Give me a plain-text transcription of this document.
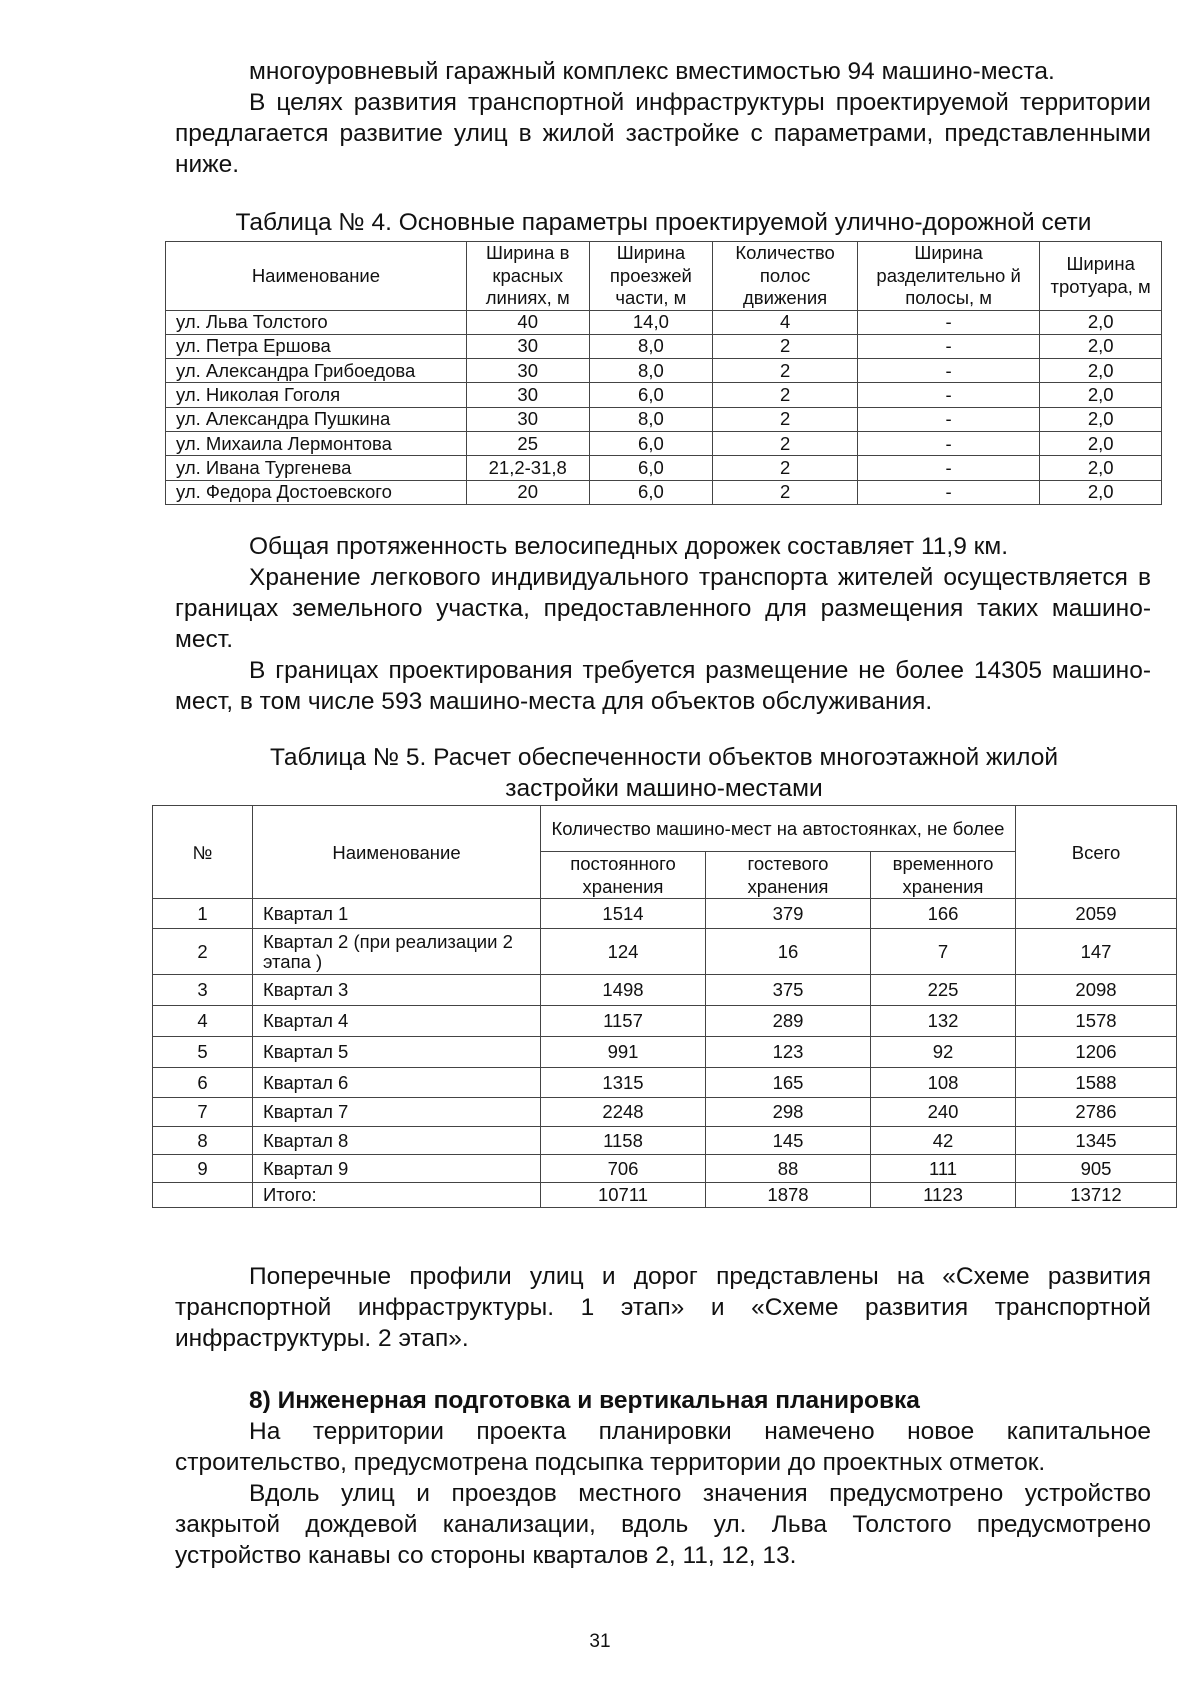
многоуровневый гаражный комплекс вместимостью 94 машино-места.

В целях развития транспортной инфраструктуры проектируемой территории предлагается развитие улиц в жилой застройке с параметрами, представленными ниже.

Таблица № 4. Основные параметры проектируемой улично-дорожной сети

Наименование	Ширина в красных линиях, м	Ширина проезжей части, м	Количество полос движения	Ширина разделительно й полосы, м	Ширина тротуара, м
ул. Льва Толстого	40	14,0	4	-	2,0
ул. Петра Ершова	30	8,0	2	-	2,0
ул. Александра Грибоедова	30	8,0	2	-	2,0
ул. Николая Гоголя	30	6,0	2	-	2,0
ул. Александра Пушкина	30	8,0	2	-	2,0
ул. Михаила Лермонтова	25	6,0	2	-	2,0
ул. Ивана Тургенева	21,2-31,8	6,0	2	-	2,0
ул. Федора Достоевского	20	6,0	2	-	2,0

Общая протяженность велосипедных дорожек составляет 11,9 км.

Хранение легкового индивидуального транспорта жителей осуществляется в границах земельного участка, предоставленного для размещения таких машино-мест.

В границах проектирования требуется размещение не более 14305 машино-мест, в том числе 593 машино-места для объектов обслуживания.

Таблица № 5. Расчет обеспеченности объектов многоэтажной жилой

застройки машино-местами

№	Наименование	Количество машино-мест на автостоянках, не более			Всего
		постоянного хранения	гостевого хранения	временного хранения	
1	Квартал 1	1514	379	166	2059
2	Квартал 2 (при реализации 2 этапа )	124	16	7	147
3	Квартал 3	1498	375	225	2098
4	Квартал 4	1157	289	132	1578
5	Квартал 5	991	123	92	1206
6	Квартал 6	1315	165	108	1588
7	Квартал 7	2248	298	240	2786
8	Квартал 8	1158	145	42	1345
9	Квартал 9	706	88	111	905
	Итого:	10711	1878	1123	13712

Поперечные профили улиц и дорог представлены на «Схеме развития транспортной инфраструктуры. 1 этап» и «Схеме развития транспортной инфраструктуры. 2 этап».

8) Инженерная подготовка и вертикальная планировка

На территории проекта планировки намечено новое капитальное строительство, предусмотрена подсыпка территории до проектных отметок.

Вдоль улиц и проездов местного значения предусмотрено устройство закрытой дождевой канализации, вдоль ул. Льва Толстого предусмотрено устройство канавы со стороны кварталов 2, 11, 12, 13.

31
